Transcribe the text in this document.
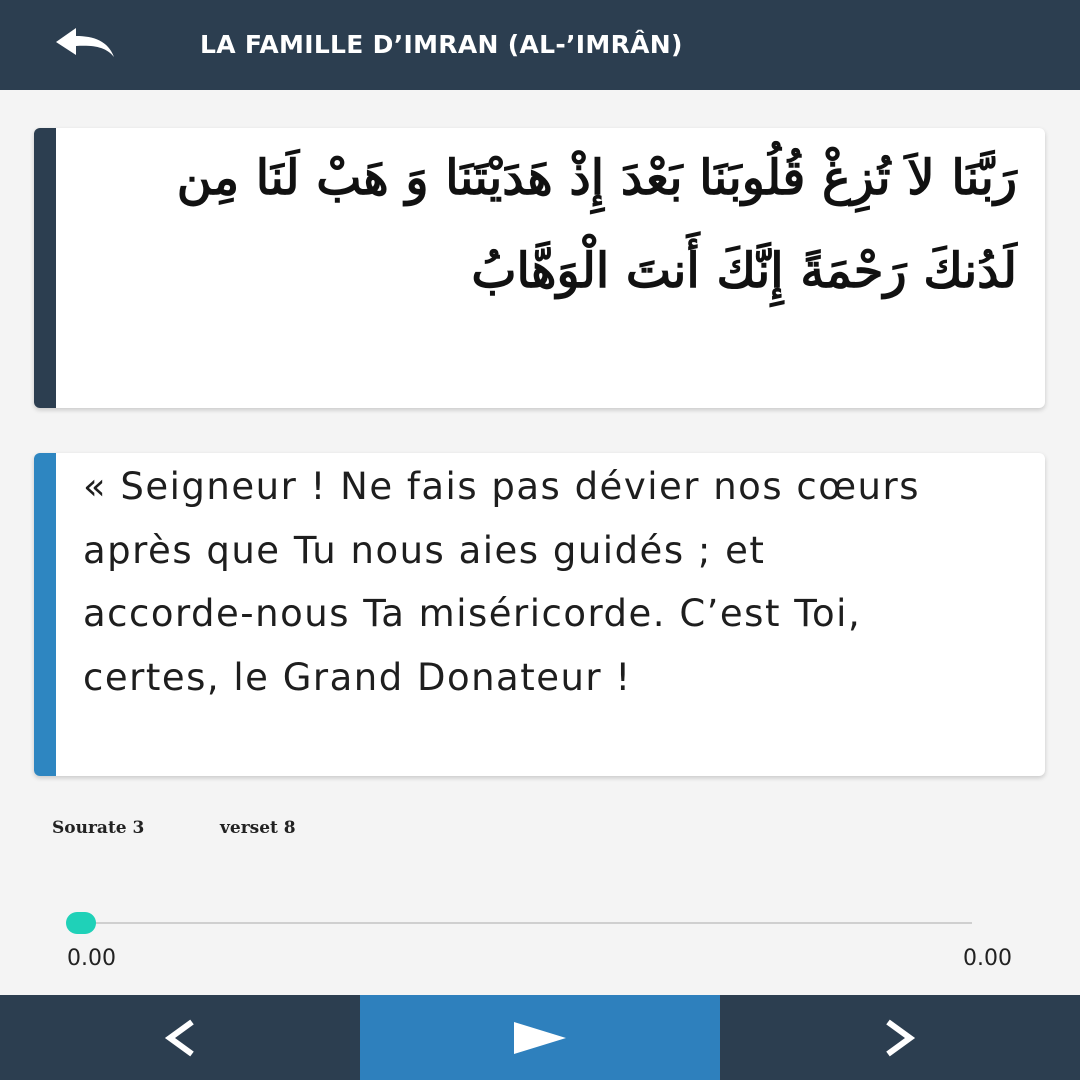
LA FAMILLE D’IMRAN (AL-’IMRÂN)
رَبَّنَا لاَ تُزِغْ قُلُوبَنَا بَعْدَ إِذْ هَدَيْتَنَا وَ هَبْ لَنَا مِن لَدُنكَ رَحْمَةً إِنَّكَ أَنتَ الْوَهَّابُ
« Seigneur ! Ne fais pas dévier nos cœurs après que Tu nous aies guidés ; et accorde-nous Ta miséricorde. C’est Toi, certes, le Grand Donateur !
Sourate 3	verset 8
0.00	0.00
